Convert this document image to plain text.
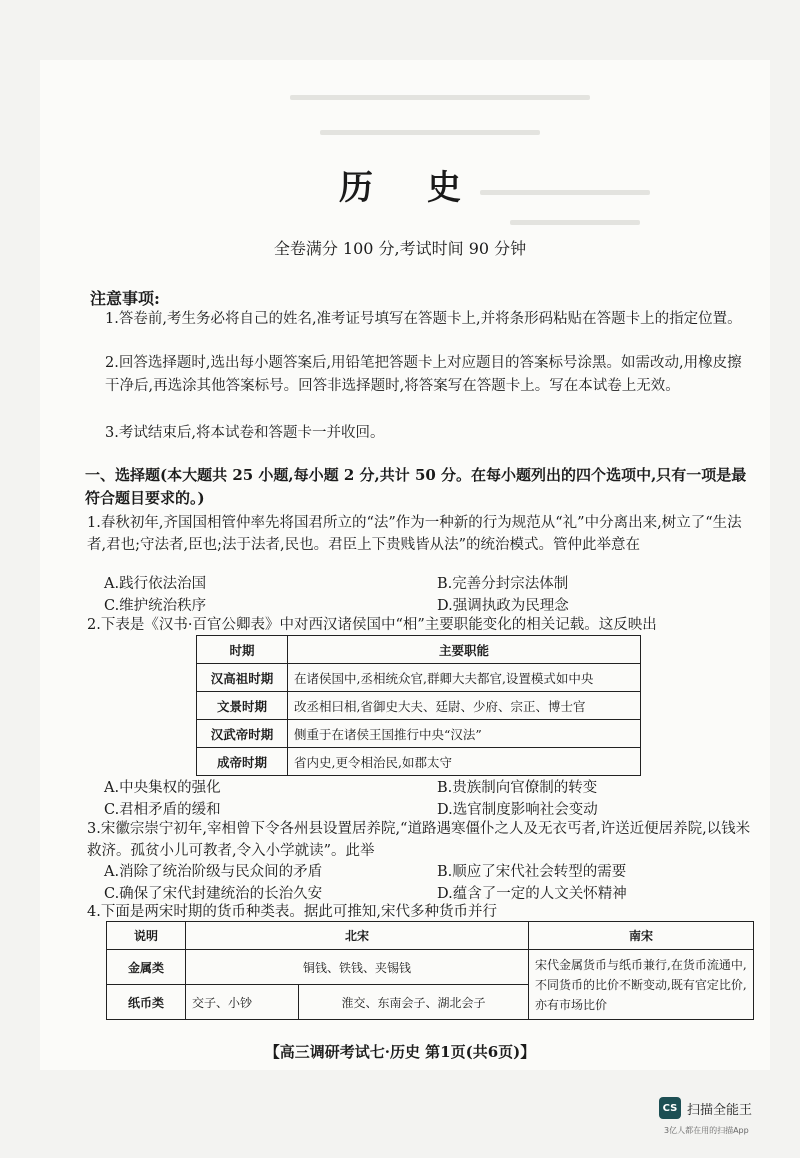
历史
全卷满分 100 分,考试时间 90 分钟
注意事项:
1.答卷前,考生务必将自己的姓名,准考证号填写在答题卡上,并将条形码粘贴在答题卡上的指定位置。
2.回答选择题时,选出每小题答案后,用铅笔把答题卡上对应题目的答案标号涂黑。如需改动,用橡皮擦干净后,再选涂其他答案标号。回答非选择题时,将答案写在答题卡上。写在本试卷上无效。
3.考试结束后,将本试卷和答题卡一并收回。
一、选择题(本大题共 25 小题,每小题 2 分,共计 50 分。在每小题列出的四个选项中,只有一项是最符合题目要求的。)
1.春秋初年,齐国国相管仲率先将国君所立的“法”作为一种新的行为规范从“礼”中分离出来,树立了“生法者,君也;守法者,臣也;法于法者,民也。君臣上下贵贱皆从法”的统治模式。管仲此举意在
A.践行依法治国	B.完善分封宗法体制
C.维护统治秩序	D.强调执政为民理念
2.下表是《汉书·百官公卿表》中对西汉诸侯国中“相”主要职能变化的相关记载。这反映出
时期	主要职能
汉高祖时期	在诸侯国中,丞相统众官,群卿大夫都官,设置模式如中央
文景时期	改丞相曰相,省御史大夫、廷尉、少府、宗正、博士官
汉武帝时期	侧重于在诸侯王国推行中央“汉法”
成帝时期	省内史,更令相治民,如郡太守
A.中央集权的强化	B.贵族制向官僚制的转变
C.君相矛盾的缓和	D.选官制度影响社会变动
3.宋徽宗崇宁初年,宰相曾下令各州县设置居养院,“道路遇寒僵仆之人及无衣丐者,许送近便居养院,以钱米救济。孤贫小儿可教者,令入小学就读”。此举
A.消除了统治阶级与民众间的矛盾	B.顺应了宋代社会转型的需要
C.确保了宋代封建统治的长治久安	D.蕴含了一定的人文关怀精神
4.下面是两宋时期的货币种类表。据此可推知,宋代多种货币并行
说明	北宋		南宋
金属类	铜钱、铁钱、夹锡钱		宋代金属货币与纸币兼行,在货币流通中,不同货币的比价不断变动,既有官定比价,亦有市场比价
纸币类	交子、小钞	淮交、东南会子、湖北会子	
【高三调研考试七·历史 第1页(共6页)】
CS 扫描全能王
3亿人都在用的扫描App
